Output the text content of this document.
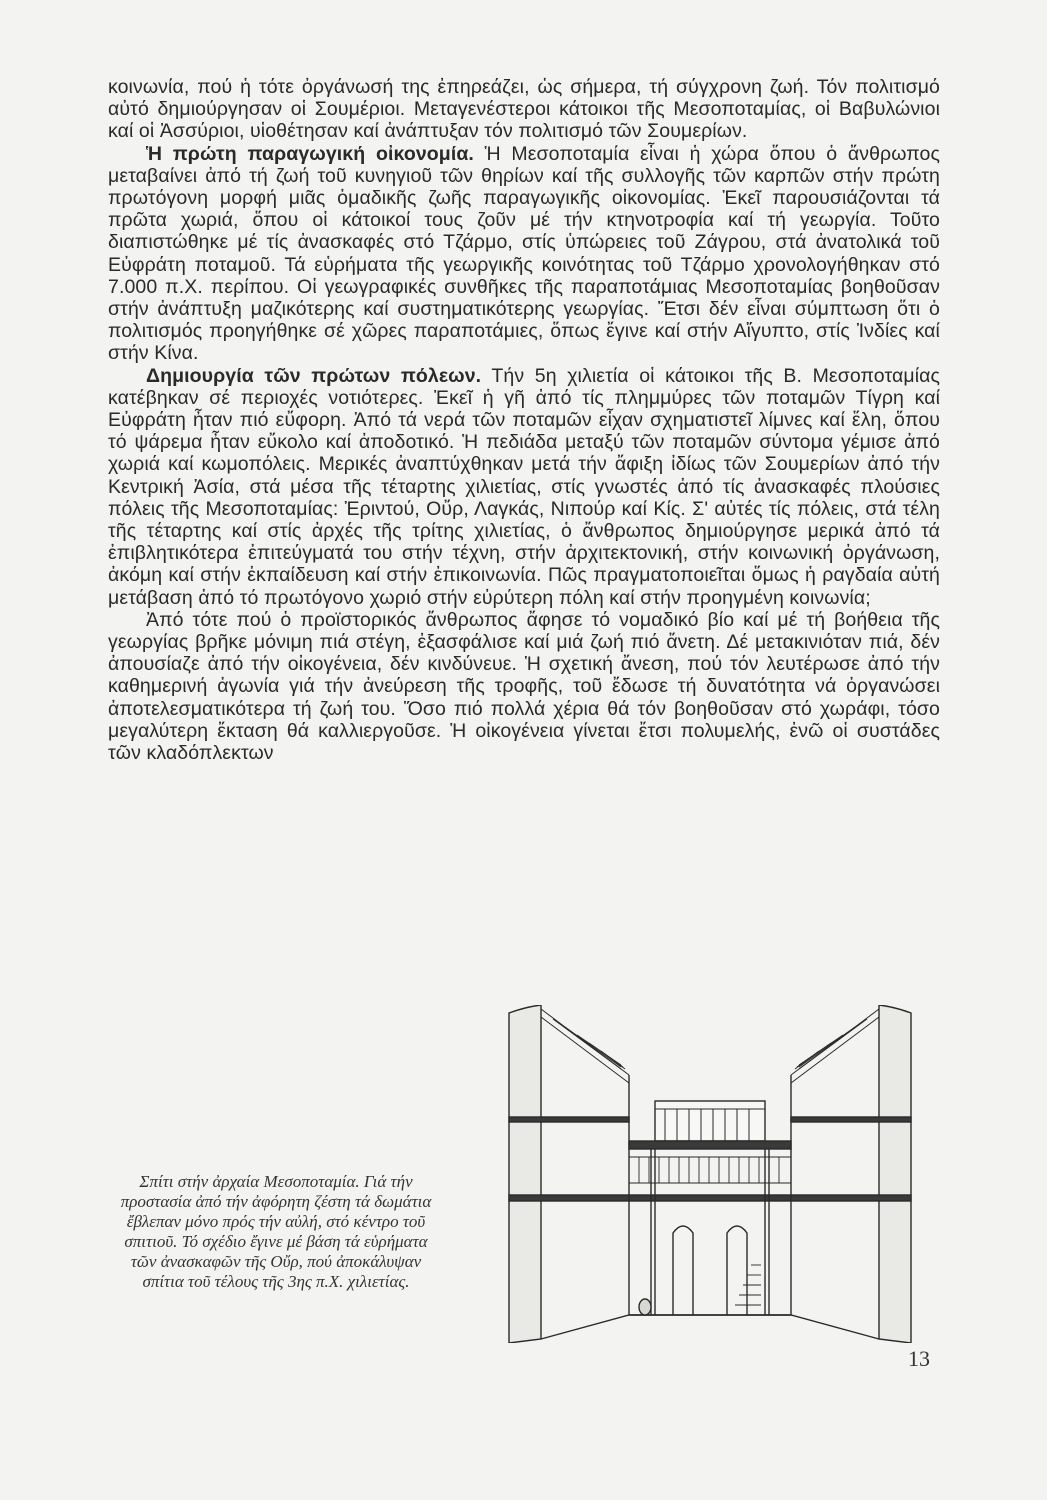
κοινωνία, πού ἡ τότε ὀργάνωσή της ἐπηρεάζει, ὡς σήμερα, τή σύγχρονη ζωή. Τόν πολιτισμό αὐτό δημιούργησαν οἱ Σουμέριοι. Μεταγενέστεροι κάτοικοι τῆς Μεσοποταμίας, οἱ Βαβυλώνιοι καί οἱ Ἀσσύριοι, υἱοθέτησαν καί ἀνάπτυξαν τόν πολιτισμό τῶν Σουμερίων.

Ἡ πρώτη παραγωγική οἰκονομία. Ἡ Μεσοποταμία εἶναι ἡ χώρα ὅπου ὁ ἄνθρωπος μεταβαίνει ἀπό τή ζωή τοῦ κυνηγιοῦ τῶν θηρίων καί τῆς συλλογῆς τῶν καρπῶν στήν πρώτη πρωτόγονη μορφή μιᾶς ὁμαδικῆς ζωῆς παραγωγικῆς οἰκονομίας. Ἐκεῖ παρουσιάζονται τά πρῶτα χωριά, ὅπου οἱ κάτοικοί τους ζοῦν μέ τήν κτηνοτροφία καί τή γεωργία. Τοῦτο διαπιστώθηκε μέ τίς ἀνασκαφές στό Τζάρμο, στίς ὑπώρειες τοῦ Ζάγρου, στά ἀνατολικά τοῦ Εὐφράτη ποταμοῦ. Τά εὑρήματα τῆς γεωργικῆς κοινότητας τοῦ Τζάρμο χρονολογήθηκαν στό 7.000 π.Χ. περίπου. Οἱ γεωγραφικές συνθῆκες τῆς παραποτάμιας Μεσοποταμίας βοηθοῦσαν στήν ἀνάπτυξη μαζικότερης καί συστηματικότερης γεωργίας. Ἔτσι δέν εἶναι σύμπτωση ὅτι ὁ πολιτισμός προηγήθηκε σέ χῶρες παραποτάμιες, ὅπως ἔγινε καί στήν Αἴγυπτο, στίς Ἰνδίες καί στήν Κίνα.

Δημιουργία τῶν πρώτων πόλεων. Τήν 5η χιλιετία οἱ κάτοικοι τῆς Β. Μεσοποταμίας κατέβηκαν σέ περιοχές νοτιότερες. Ἐκεῖ ἡ γῆ ἀπό τίς πλημμύρες τῶν ποταμῶν Τίγρη καί Εὐφράτη ἦταν πιό εὔφορη. Ἀπό τά νερά τῶν ποταμῶν εἶχαν σχηματιστεῖ λίμνες καί ἕλη, ὅπου τό ψάρεμα ἦταν εὔκολο καί ἀποδοτικό. Ἡ πεδιάδα μεταξύ τῶν ποταμῶν σύντομα γέμισε ἀπό χωριά καί κωμοπόλεις. Μερικές ἀναπτύχθηκαν μετά τήν ἄφιξη ἰδίως τῶν Σουμερίων ἀπό τήν Κεντρική Ἀσία, στά μέσα τῆς τέταρτης χιλιετίας, στίς γνωστές ἀπό τίς ἀνασκαφές πλούσιες πόλεις τῆς Μεσοποταμίας: Ἐριντού, Οὔρ, Λαγκάς, Νιπούρ καί Κίς. Σ' αὐτές τίς πόλεις, στά τέλη τῆς τέταρτης καί στίς ἀρχές τῆς τρίτης χιλιετίας, ὁ ἄνθρωπος δημιούργησε μερικά ἀπό τά ἐπιβλητικότερα ἐπιτεύγματά του στήν τέχνη, στήν ἀρχιτεκτονική, στήν κοινωνική ὀργάνωση, ἀκόμη καί στήν ἐκπαίδευση καί στήν ἐπικοινωνία. Πῶς πραγματοποιεῖται ὅμως ἡ ραγδαία αὐτή μετάβαση ἀπό τό πρωτόγονο χωριό στήν εὐρύτερη πόλη καί στήν προηγμένη κοινωνία;

Ἀπό τότε πού ὁ προϊστορικός ἄνθρωπος ἄφησε τό νομαδικό βίο καί μέ τή βοήθεια τῆς γεωργίας βρῆκε μόνιμη πιά στέγη, ἐξασφάλισε καί μιά ζωή πιό ἄνετη. Δέ μετακινιόταν πιά, δέν ἀπουσίαζε ἀπό τήν οἰκογένεια, δέν κινδύνευε. Ἡ σχετική ἄνεση, πού τόν λευτέρωσε ἀπό τήν καθημερινή ἀγωνία γιά τήν ἀνεύρεση τῆς τροφῆς, τοῦ ἔδωσε τή δυνατότητα νά ὀργανώσει ἀποτελεσματικότερα τή ζωή του. Ὅσο πιό πολλά χέρια θά τόν βοηθοῦσαν στό χωράφι, τόσο μεγαλύτερη ἔκταση θά καλλιεργοῦσε. Ἡ οἰκογένεια γίνεται ἔτσι πολυμελής, ἐνῶ οἱ συστάδες τῶν κλαδόπλεκτων

Σπίτι στήν ἀρχαία Μεσοποταμία. Γιά τήν προστασία ἀπό τήν ἀφόρητη ζέστη τά δωμάτια ἔβλεπαν μόνο πρός τήν αὐλή, στό κέντρο τοῦ σπιτιοῦ. Τό σχέδιο ἔγινε μέ βάση τά εὑρήματα τῶν ἀνασκαφῶν τῆς Οὔρ, πού ἀποκάλυψαν σπίτια τοῦ τέλους τῆς 3ης π.Χ. χιλιετίας.
13
